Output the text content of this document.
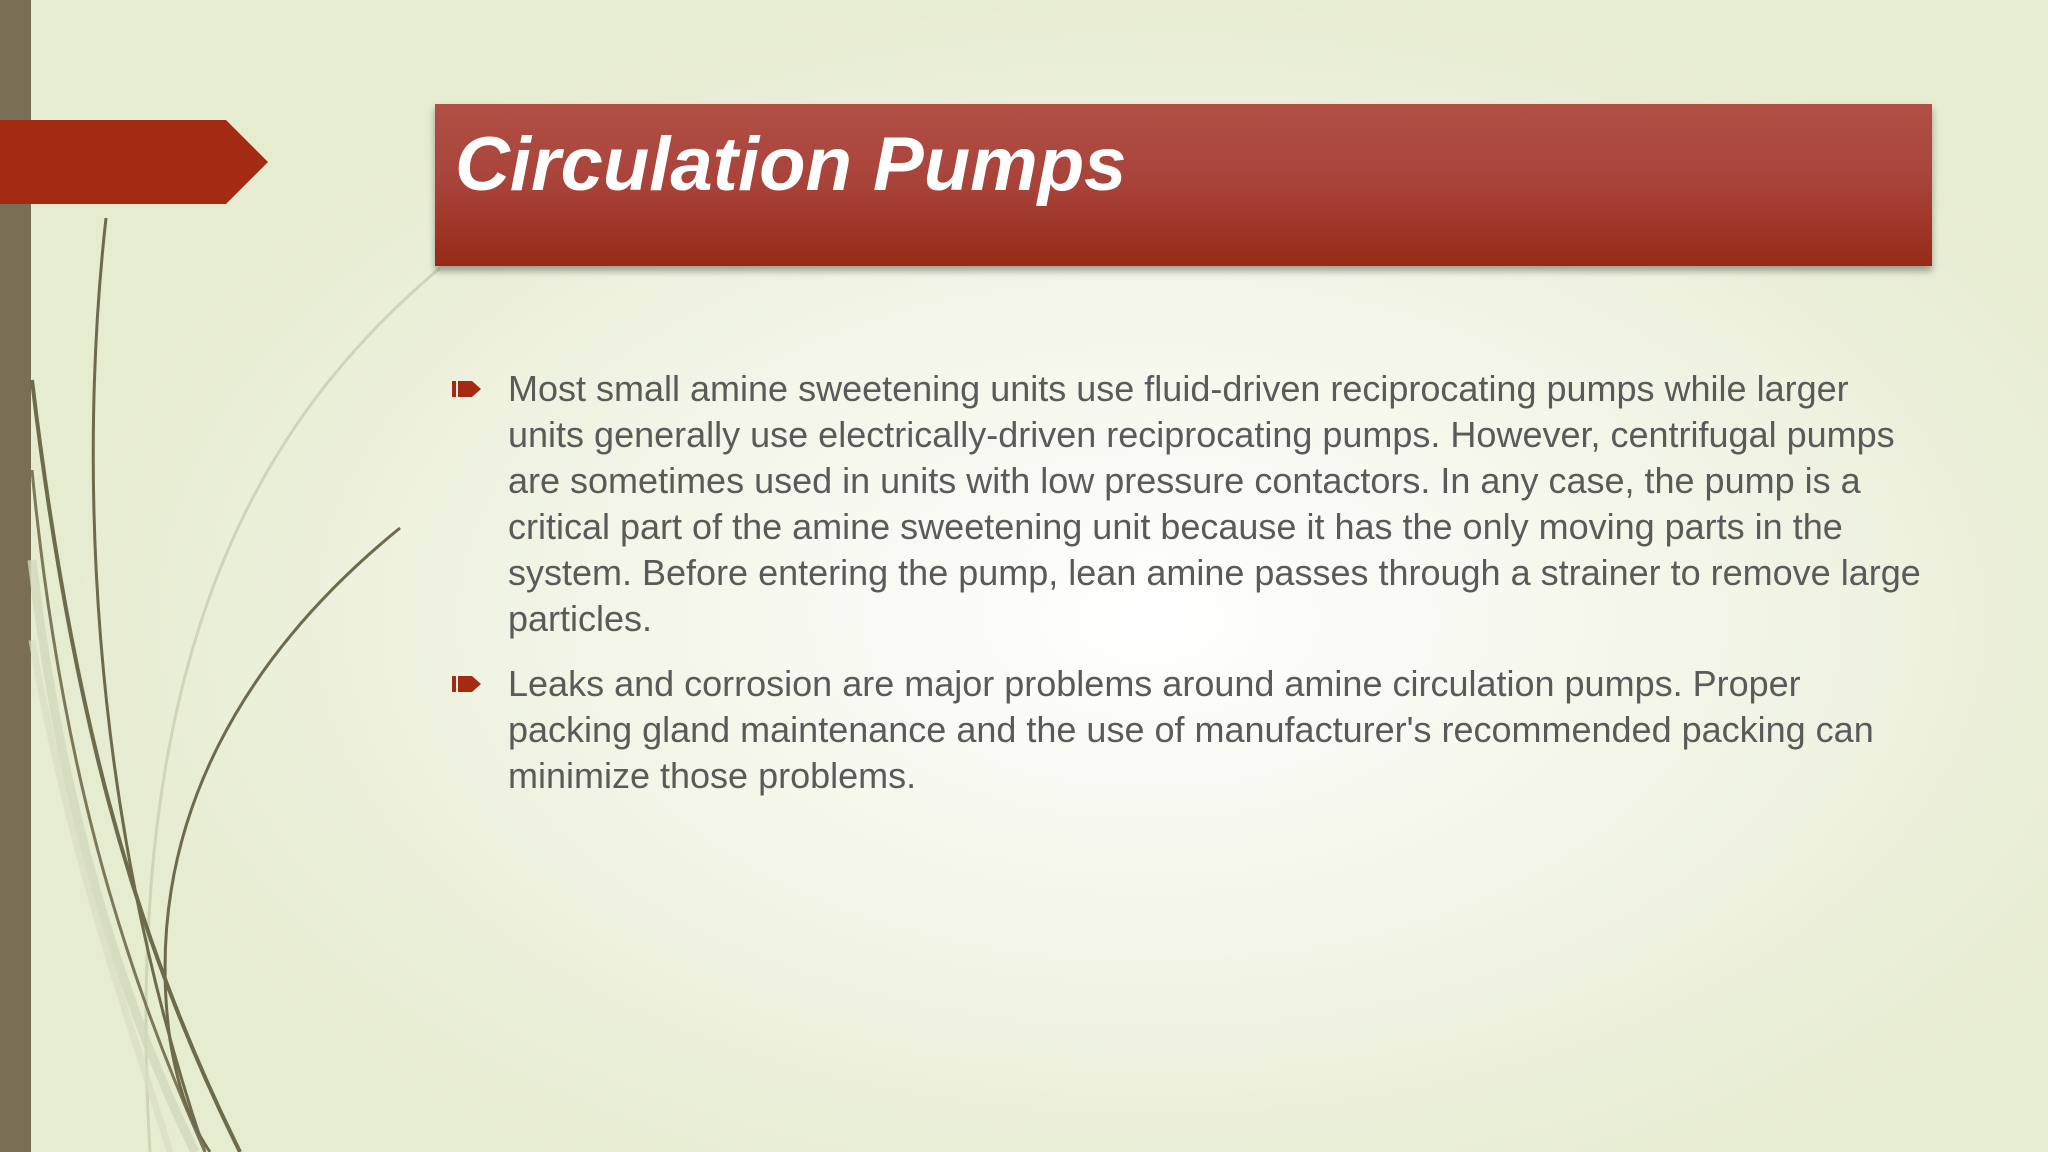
Circulation Pumps
Most small amine sweetening units use fluid-driven reciprocating pumps while larger units generally use electrically-driven reciprocating pumps. However, centrifugal pumps are sometimes used in units with low pressure contactors. In any case, the pump is a critical part of the amine sweetening unit because it has the only moving parts in the system. Before entering the pump, lean amine passes through a strainer to remove large particles.
Leaks and corrosion are major problems around amine circulation pumps. Proper packing gland maintenance and the use of manufacturer's recommended packing can minimize those problems.
